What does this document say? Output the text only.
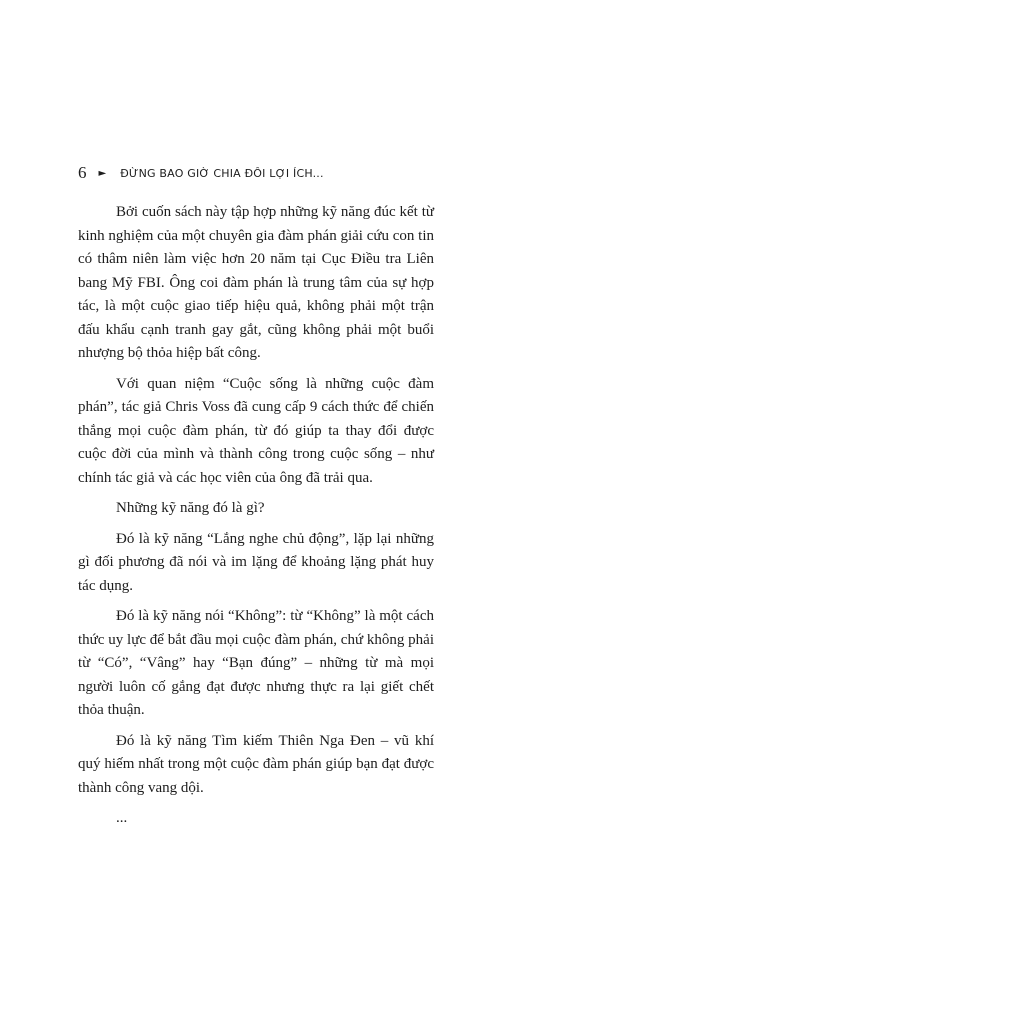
6 ► ĐỪNG BAO GIỜ CHIA ĐÔI LỢI ÍCH...

Bởi cuốn sách này tập hợp những kỹ năng đúc kết từ kinh nghiệm của một chuyên gia đàm phán giải cứu con tin có thâm niên làm việc hơn 20 năm tại Cục Điều tra Liên bang Mỹ FBI. Ông coi đàm phán là trung tâm của sự hợp tác, là một cuộc giao tiếp hiệu quả, không phải một trận đấu khẩu cạnh tranh gay gắt, cũng không phải một buổi nhượng bộ thỏa hiệp bất công.

Với quan niệm “Cuộc sống là những cuộc đàm phán”, tác giả Chris Voss đã cung cấp 9 cách thức để chiến thắng mọi cuộc đàm phán, từ đó giúp ta thay đổi được cuộc đời của mình và thành công trong cuộc sống – như chính tác giả và các học viên của ông đã trải qua.

Những kỹ năng đó là gì?

Đó là kỹ năng “Lắng nghe chủ động”, lặp lại những gì đối phương đã nói và im lặng để khoảng lặng phát huy tác dụng.

Đó là kỹ năng nói “Không”: từ “Không” là một cách thức uy lực để bắt đầu mọi cuộc đàm phán, chứ không phải từ “Có”, “Vâng” hay “Bạn đúng” – những từ mà mọi người luôn cố gắng đạt được nhưng thực ra lại giết chết thỏa thuận.

Đó là kỹ năng Tìm kiếm Thiên Nga Đen – vũ khí quý hiếm nhất trong một cuộc đàm phán giúp bạn đạt được thành công vang dội.

...
